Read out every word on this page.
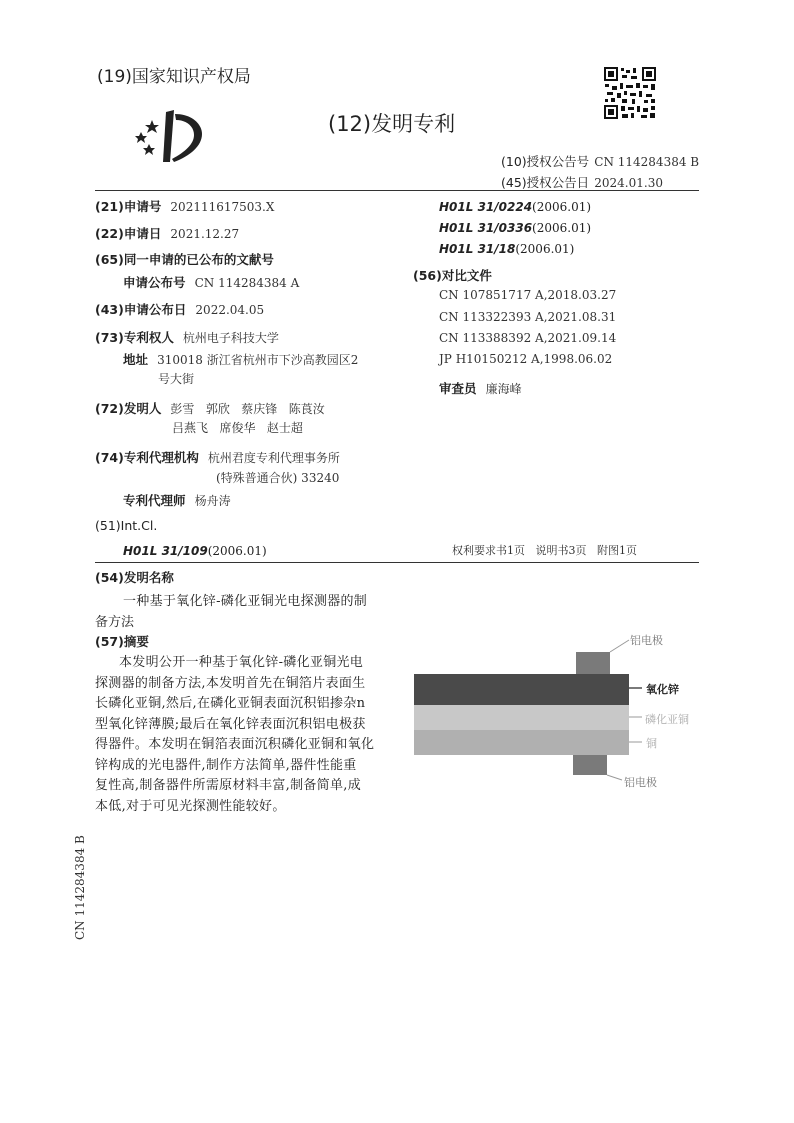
(19)国家知识产权局
(12)发明专利
(10)授权公告号 CN 114284384 B
(45)授权公告日 2024.01.30
(21)申请号 202111617503.X
(22)申请日 2021.12.27
(65)同一申请的已公布的文献号
申请公布号 CN 114284384 A
(43)申请公布日 2022.04.05
(73)专利权人 杭州电子科技大学
地址 310018 浙江省杭州市下沙高教园区2
号大街
(72)发明人 彭雪   郭欣   蔡庆锋   陈莨汝
吕燕飞   席俊华   赵士超
(74)专利代理机构 杭州君度专利代理事务所
(特殊普通合伙) 33240
专利代理师 杨舟涛
(51)Int.Cl.
H01L 31/109(2006.01)
H01L 31/0224(2006.01)
H01L 31/0336(2006.01)
H01L 31/18(2006.01)
(56)对比文件
CN 107851717 A,2018.03.27
CN 113322393 A,2021.08.31
CN 113388392 A,2021.09.14
JP H10150212 A,1998.06.02
审查员 廉海峰
权利要求书1页   说明书3页   附图1页
(54)发明名称
一种基于氧化锌-磷化亚铜光电探测器的制
备方法
(57)摘要

本发明公开一种基于氧化锌-磷化亚铜光电

探测器的制备方法,本发明首先在铜箔片表面生

长磷化亚铜,然后,在磷化亚铜表面沉积铝掺杂n

型氧化锌薄膜;最后在氧化锌表面沉积铝电极获

得器件。本发明在铜箔表面沉积磷化亚铜和氧化

锌构成的光电器件,制作方法简单,器件性能重

复性高,制备器件所需原材料丰富,制备简单,成

本低,对于可见光探测性能较好。

铝电极
氧化锌
磷化亚铜
铜
铝电极
CN 114284384 B
